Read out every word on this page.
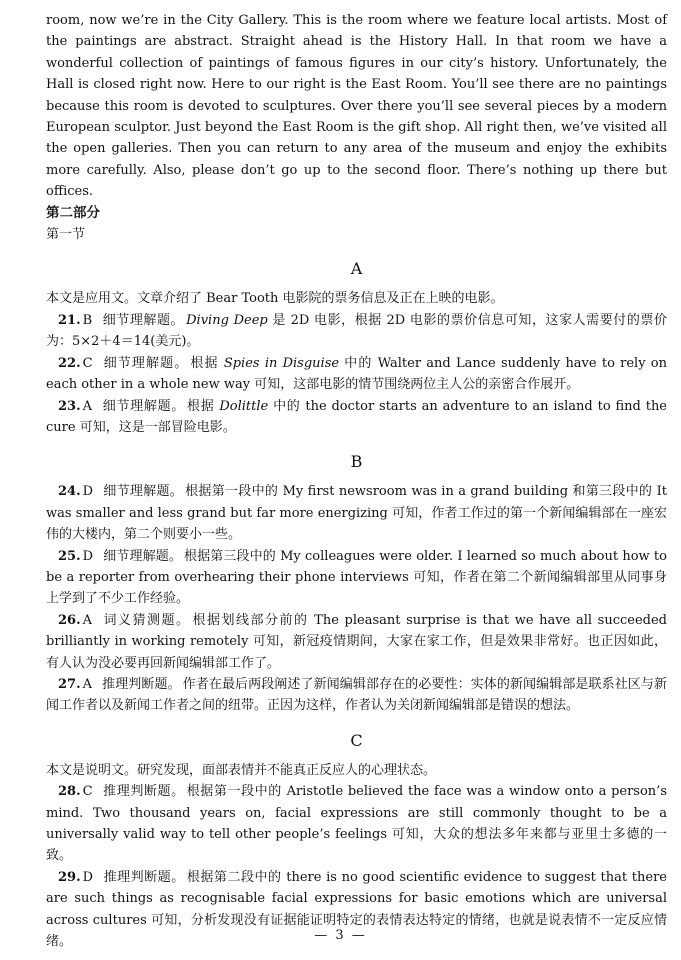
room, now we’re in the City Gallery. This is the room where we feature local artists. Most of the paintings are abstract. Straight ahead is the History Hall. In that room we have a wonderful collection of paintings of famous figures in our city’s history. Unfortunately, the Hall is closed right now. Here to our right is the East Room. You’ll see there are no paintings because this room is devoted to sculptures. Over there you’ll see several pieces by a modern European sculptor. Just beyond the East Room is the gift shop. All right then, we’ve visited all the open galleries. Then you can return to any area of the museum and enjoy the exhibits more carefully. Also, please don’t go up to the second floor. There’s nothing up there but offices.

第二部分

第一节

A

本文是应用文。文章介绍了 Bear Tooth 电影院的票务信息及正在上映的电影。

21. B 细节理解题。 Diving Deep 是 2D 电影，根据 2D 电影的票价信息可知，这家人需要付的票价为：5×2＋4＝14(美元)。

22. C 细节理解题。 根据 Spies in Disguise 中的 Walter and Lance suddenly have to rely on each other in a whole new way 可知，这部电影的情节围绕两位主人公的亲密合作展开。

23. A 细节理解题。 根据 Dolittle 中的 the doctor starts an adventure to an island to find the cure 可知，这是一部冒险电影。

B

24. D 细节理解题。 根据第一段中的 My first newsroom was in a grand building 和第三段中的 It was smaller and less grand but far more energizing 可知，作者工作过的第一个新闻编辑部在一座宏伟的大楼内，第二个则要小一些。

25. D 细节理解题。 根据第三段中的 My colleagues were older. I learned so much about how to be a reporter from overhearing their phone interviews 可知，作者在第二个新闻编辑部里从同事身上学到了不少工作经验。

26. A 词义猜测题。 根据划线部分前的 The pleasant surprise is that we have all succeeded brilliantly in working remotely 可知，新冠疫情期间，大家在家工作，但是效果非常好。也正因如此，有人认为没必要再回新闻编辑部工作了。

27. A 推理判断题。 作者在最后两段阐述了新闻编辑部存在的必要性：实体的新闻编辑部是联系社区与新闻工作者以及新闻工作者之间的纽带。正因为这样，作者认为关闭新闻编辑部是错误的想法。

C

本文是说明文。研究发现，面部表情并不能真正反应人的心理状态。

28. C 推理判断题。 根据第一段中的 Aristotle believed the face was a window onto a person’s mind. Two thousand years on, facial expressions are still commonly thought to be a universally valid way to tell other people’s feelings 可知，大众的想法多年来都与亚里士多德的一致。

29. D 推理判断题。 根据第二段中的 there is no good scientific evidence to suggest that there are such things as recognisable facial expressions for basic emotions which are universal across cultures 可知，分析发现没有证据能证明特定的表情表达特定的情绪，也就是说表情不一定反应情绪。	— 3 —
